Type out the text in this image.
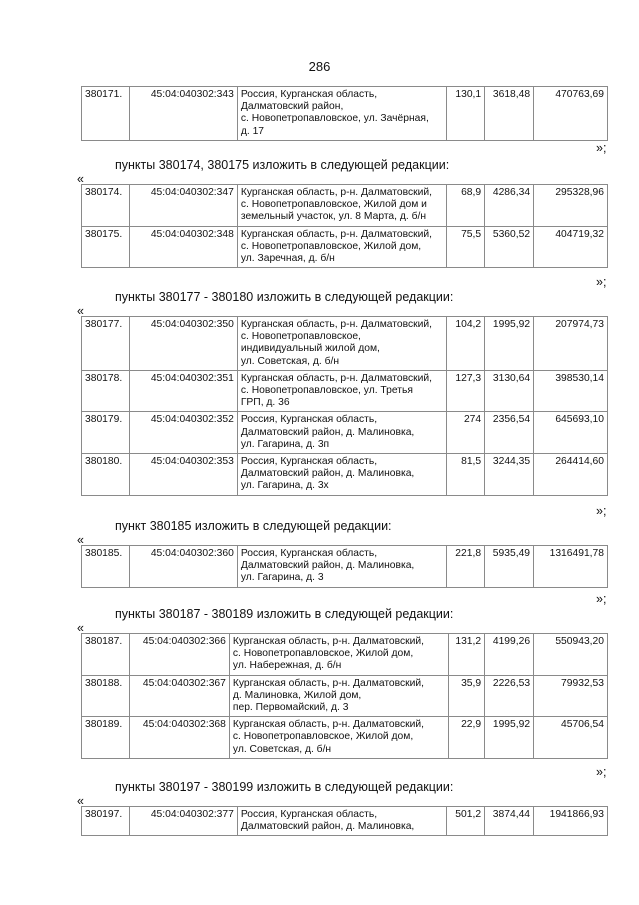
286
380171.	45:04:040302:343	Россия, Курганская область,
Далматовский район,
с. Новопетропавловское, ул. Зачёрная,
д. 17	130,1	3618,48	470763,69
»;
пункты 380174, 380175 изложить в следующей редакции:
«
380174.	45:04:040302:347	Курганская область, р-н. Далматовский,
с. Новопетропавловское, Жилой дом и
земельный участок, ул. 8 Марта, д. б/н	68,9	4286,34	295328,96
380175.	45:04:040302:348	Курганская область, р-н. Далматовский,
с. Новопетропавловское, Жилой дом,
ул. Заречная, д. б/н	75,5	5360,52	404719,32
»;
пункты 380177 - 380180 изложить в следующей редакции:
«
380177.	45:04:040302:350	Курганская область, р-н. Далматовский,
с. Новопетропавловское,
индивидуальный жилой дом,
ул. Советская, д. б/н	104,2	1995,92	207974,73
380178.	45:04:040302:351	Курганская область, р-н. Далматовский,
с. Новопетропавловское, ул. Третья
ГРП, д. 36	127,3	3130,64	398530,14
380179.	45:04:040302:352	Россия, Курганская область,
Далматовский район, д. Малиновка,
ул. Гагарина, д. 3п	274	2356,54	645693,10
380180.	45:04:040302:353	Россия, Курганская область,
Далматовский район, д. Малиновка,
ул. Гагарина, д. 3х	81,5	3244,35	264414,60
»;
пункт 380185 изложить в следующей редакции:
«
380185.	45:04:040302:360	Россия, Курганская область,
Далматовский район, д. Малиновка,
ул. Гагарина, д. 3	221,8	5935,49	1316491,78
»;
пункты 380187 - 380189 изложить в следующей редакции:
«
380187.	45:04:040302:366	Курганская область, р-н. Далматовский,
с. Новопетропавловское, Жилой дом,
ул. Набережная, д. б/н	131,2	4199,26	550943,20
380188.	45:04:040302:367	Курганская область, р-н. Далматовский,
д. Малиновка, Жилой дом,
пер. Первомайский, д. 3	35,9	2226,53	79932,53
380189.	45:04:040302:368	Курганская область, р-н. Далматовский,
с. Новопетропавловское, Жилой дом,
ул. Советская, д. б/н	22,9	1995,92	45706,54
»;
пункты 380197 - 380199 изложить в следующей редакции:
«
380197.	45:04:040302:377	Россия, Курганская область,
Далматовский район, д. Малиновка,	501,2	3874,44	1941866,93
